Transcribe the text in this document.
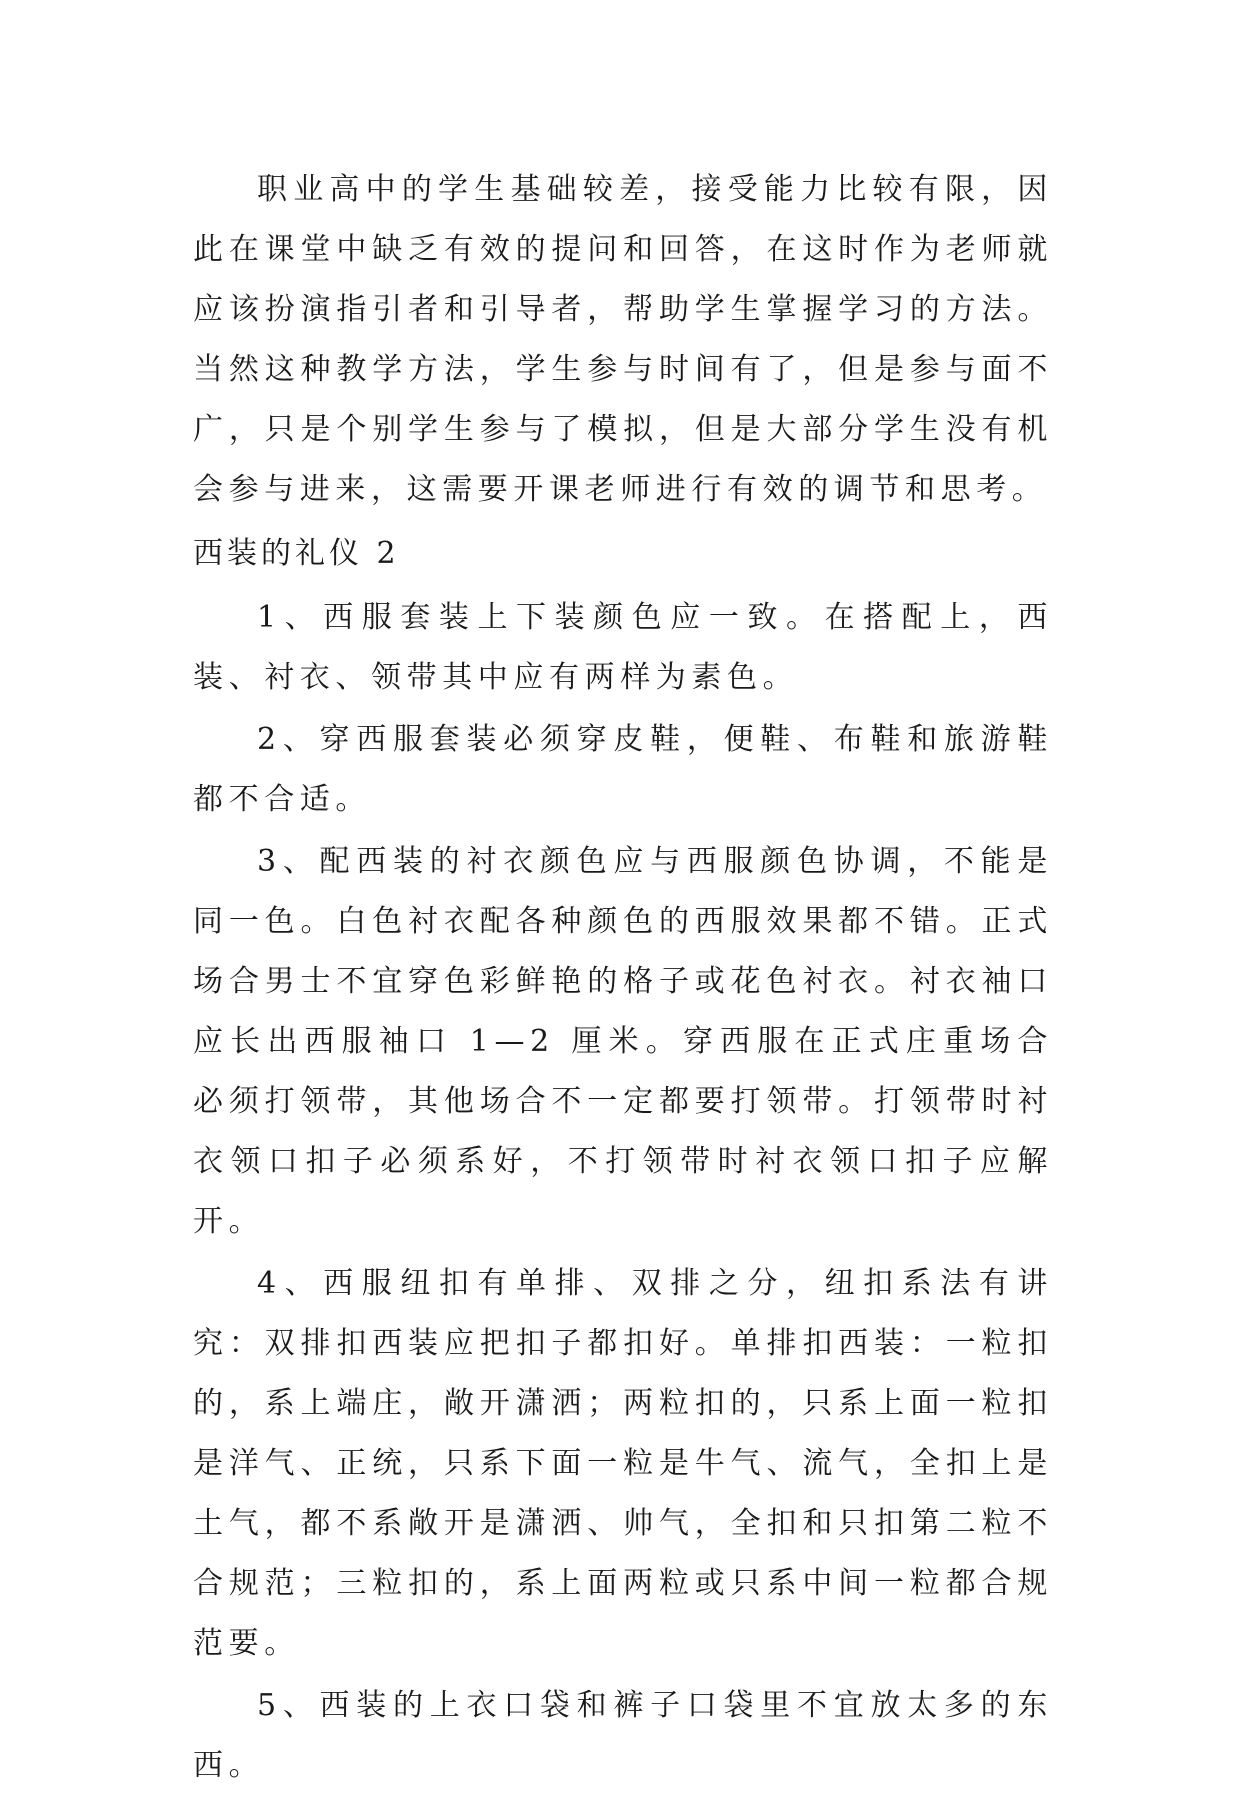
职业高中的学生基础较差，接受能力比较有限，因此在课堂中缺乏有效的提问和回答，在这时作为老师就应该扮演指引者和引导者，帮助学生掌握学习的方法。当然这种教学方法，学生参与时间有了，但是参与面不广，只是个别学生参与了模拟，但是大部分学生没有机会参与进来，这需要开课老师进行有效的调节和思考。

西装的礼仪 2

1、西服套装上下装颜色应一致。在搭配上，西装、衬衣、领带其中应有两样为素色。

2、穿西服套装必须穿皮鞋，便鞋、布鞋和旅游鞋都不合适。

3、配西装的衬衣颜色应与西服颜色协调，不能是同一色。白色衬衣配各种颜色的西服效果都不错。正式场合男士不宜穿色彩鲜艳的格子或花色衬衣。衬衣袖口应长出西服袖口 1—2 厘米。穿西服在正式庄重场合必须打领带，其他场合不一定都要打领带。打领带时衬衣领口扣子必须系好，不打领带时衬衣领口扣子应解开。

4、西服纽扣有单排、双排之分，纽扣系法有讲究：双排扣西装应把扣子都扣好。单排扣西装：一粒扣的，系上端庄，敞开潇洒；两粒扣的，只系上面一粒扣是洋气、正统，只系下面一粒是牛气、流气，全扣上是土气，都不系敞开是潇洒、帅气，全扣和只扣第二粒不合规范；三粒扣的，系上面两粒或只系中间一粒都合规范要。

5、西装的上衣口袋和裤子口袋里不宜放太多的东西。
